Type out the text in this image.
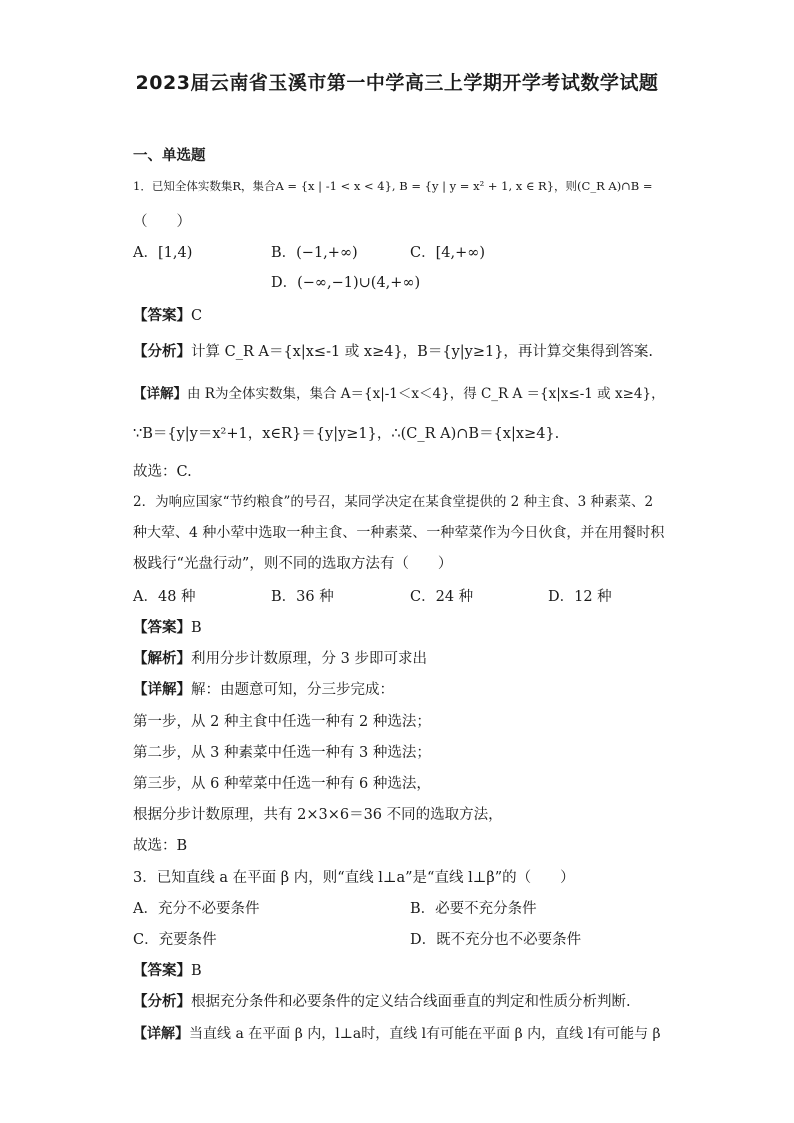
2023届云南省玉溪市第一中学高三上学期开学考试数学试题
一、单选题
1．已知全体实数集R，集合A = {x | -1 < x < 4}, B = {y | y = x² + 1, x ∈ R}，则(C_R A)∩B =
（　　）
A．[1,4)	B．(−1,+∞)	C．[4,+∞)
D．(−∞,−1)∪(4,+∞)
【答案】C
【分析】计算 C_R A＝{x|x≤-1 或 x≥4}，B＝{y|y≥1}，再计算交集得到答案.
【详解】由 R为全体实数集，集合 A＝{x|-1＜x＜4}，得 C_R A ＝{x|x≤-1 或 x≥4}，
∵B＝{y|y＝x²+1，x∈R}＝{y|y≥1}，∴(C_R A)∩B＝{x|x≥4}.
故选：C.
2．为响应国家“节约粮食”的号召，某同学决定在某食堂提供的 2 种主食、3 种素菜、2
种大荤、4 种小荤中选取一种主食、一种素菜、一种荤菜作为今日伙食，并在用餐时积
极践行“光盘行动”，则不同的选取方法有（　　）
A．48 种	B．36 种	C．24 种	D．12 种
【答案】B
【解析】利用分步计数原理，分 3 步即可求出
【详解】解：由题意可知，分三步完成：
第一步，从 2 种主食中任选一种有 2 种选法；
第二步，从 3 种素菜中任选一种有 3 种选法；
第三步，从 6 种荤菜中任选一种有 6 种选法，
根据分步计数原理，共有 2×3×6＝36 不同的选取方法，
故选：B
3．已知直线 a 在平面 β 内，则“直线 l⊥a”是“直线 l⊥β”的（　　）
A．充分不必要条件	B．必要不充分条件
C．充要条件	D．既不充分也不必要条件
【答案】B
【分析】根据充分条件和必要条件的定义结合线面垂直的判定和性质分析判断.
【详解】当直线 a 在平面 β 内，l⊥a时，直线 l有可能在平面 β 内，直线 l有可能与 β
